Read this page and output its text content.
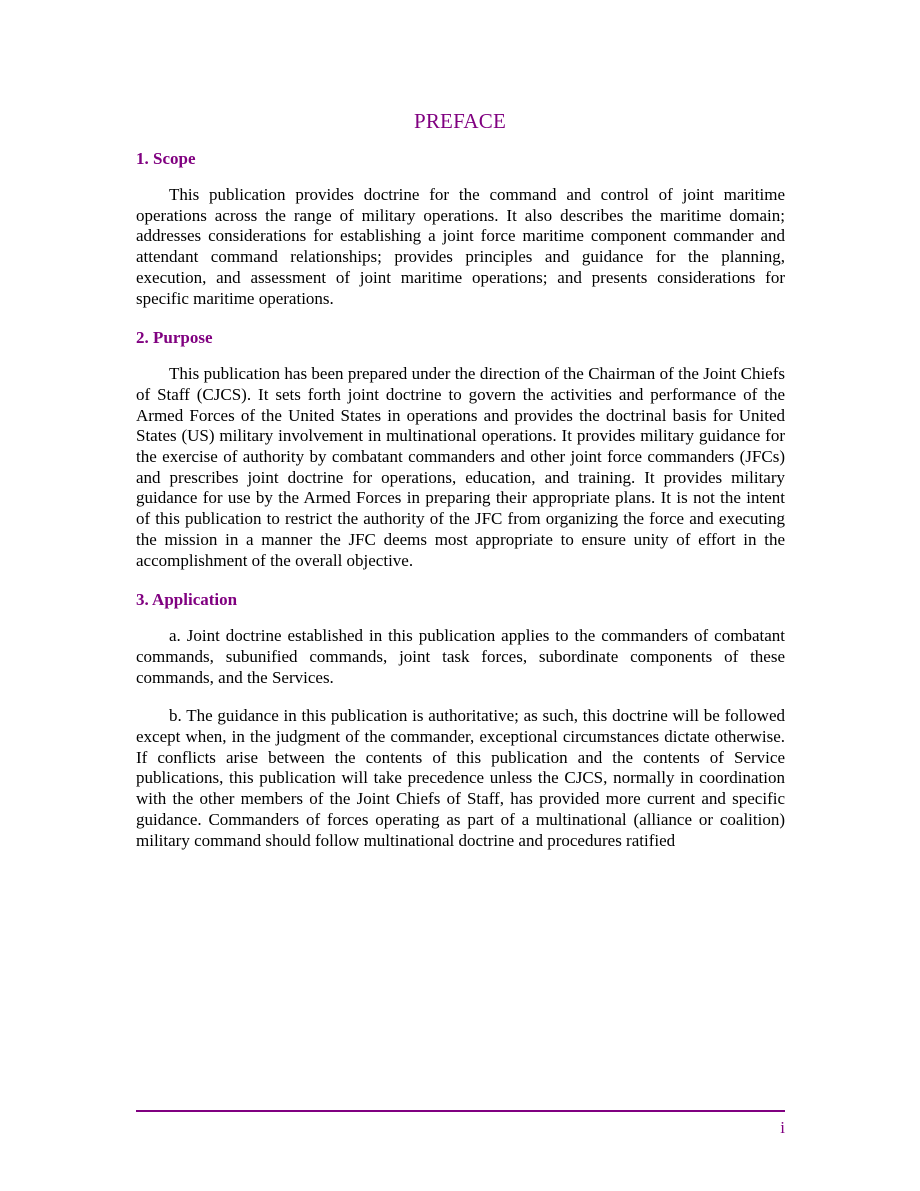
PREFACE
1. Scope

This publication provides doctrine for the command and control of joint maritime operations across the range of military operations. It also describes the maritime domain; addresses considerations for establishing a joint force maritime component commander and attendant command relationships; provides principles and guidance for the planning, execution, and assessment of joint maritime operations; and presents considerations for specific maritime operations.

2. Purpose

This publication has been prepared under the direction of the Chairman of the Joint Chiefs of Staff (CJCS). It sets forth joint doctrine to govern the activities and performance of the Armed Forces of the United States in operations and provides the doctrinal basis for United States (US) military involvement in multinational operations. It provides military guidance for the exercise of authority by combatant commanders and other joint force commanders (JFCs) and prescribes joint doctrine for operations, education, and training. It provides military guidance for use by the Armed Forces in preparing their appropriate plans. It is not the intent of this publication to restrict the authority of the JFC from organizing the force and executing the mission in a manner the JFC deems most appropriate to ensure unity of effort in the accomplishment of the overall objective.

3. Application

a. Joint doctrine established in this publication applies to the commanders of combatant commands, subunified commands, joint task forces, subordinate components of these commands, and the Services.

b. The guidance in this publication is authoritative; as such, this doctrine will be followed except when, in the judgment of the commander, exceptional circumstances dictate otherwise. If conflicts arise between the contents of this publication and the contents of Service publications, this publication will take precedence unless the CJCS, normally in coordination with the other members of the Joint Chiefs of Staff, has provided more current and specific guidance. Commanders of forces operating as part of a multinational (alliance or coalition) military command should follow multinational doctrine and procedures ratified

i
